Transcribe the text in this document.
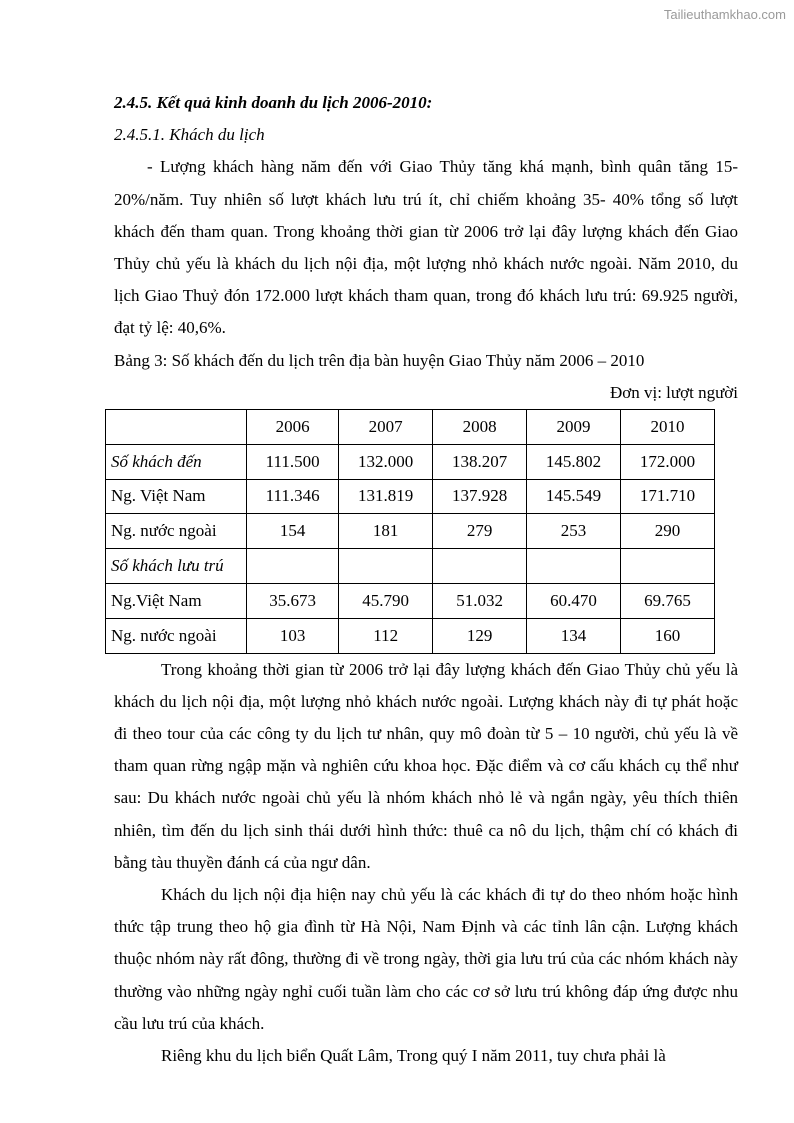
Tailieuthamkhao.com

2.4.5. Kết quả kinh doanh du lịch 2006-2010:

2.4.5.1. Khách du lịch

- Lượng khách hàng năm đến với Giao Thủy tăng khá mạnh, bình quân tăng 15- 20%/năm. Tuy nhiên số lượt khách lưu trú ít, chỉ chiếm khoảng 35- 40% tổng số lượt khách đến tham quan. Trong khoảng thời gian từ 2006 trở lại đây lượng khách đến Giao Thủy chủ yếu là khách du lịch nội địa, một lượng nhỏ khách nước ngoài. Năm 2010, du lịch Giao Thuỷ đón 172.000 lượt khách tham quan, trong đó khách lưu trú: 69.925 người, đạt tỷ lệ: 40,6%.

Bảng 3: Số khách đến du lịch trên địa bàn huyện Giao Thủy năm 2006 – 2010

Đơn vị: lượt người

	2006	2007	2008	2009	2010
Số khách đến	111.500	132.000	138.207	145.802	172.000
Ng. Việt Nam	111.346	131.819	137.928	145.549	171.710
Ng. nước ngoài	154	181	279	253	290
Số khách lưu trú					
Ng.Việt Nam	35.673	45.790	51.032	60.470	69.765
Ng. nước ngoài	103	112	129	134	160

Trong khoảng thời gian từ 2006 trở lại đây lượng khách đến Giao Thủy chủ yếu là khách du lịch nội địa, một lượng nhỏ khách nước ngoài. Lượng khách này đi tự phát hoặc đi theo tour của các công ty du lịch tư nhân, quy mô đoàn từ 5 – 10 người, chủ yếu là về tham quan rừng ngập mặn và nghiên cứu khoa học. Đặc điểm và cơ cấu khách cụ thể như sau: Du khách nước ngoài chủ yếu là nhóm khách nhỏ lẻ và ngắn ngày, yêu thích thiên nhiên, tìm đến du lịch sinh thái dưới hình thức: thuê ca nô du lịch, thậm chí có khách đi bằng tàu thuyền đánh cá của ngư dân.

Khách du lịch nội địa hiện nay chủ yếu là các khách đi tự do theo nhóm hoặc hình thức tập trung theo hộ gia đình từ Hà Nội, Nam Định và các tỉnh lân cận. Lượng khách thuộc nhóm này rất đông, thường đi về trong ngày, thời gia lưu trú của các nhóm khách này thường vào những ngày nghỉ cuối tuần làm cho các cơ sở lưu trú không đáp ứng được nhu cầu lưu trú của khách.

Riêng khu du lịch biển Quất Lâm, Trong quý I năm 2011, tuy chưa phải là
